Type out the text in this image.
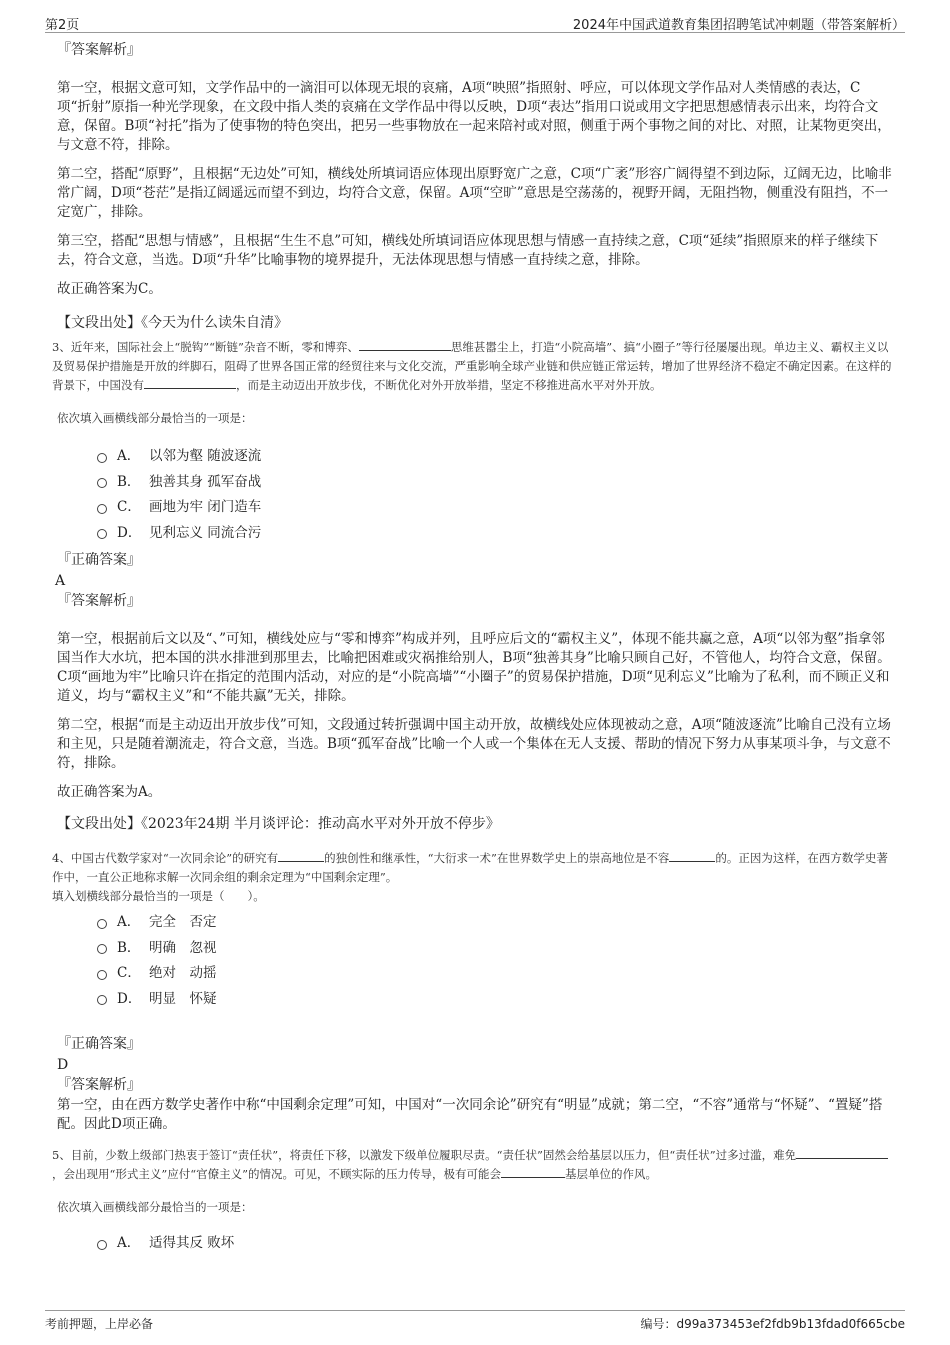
第2页	2024年中国武道教育集团招聘笔试冲刺题（带答案解析）

『答案解析』

第一空，根据文意可知，文学作品中的一滴泪可以体现无垠的哀痛，A项“映照”指照射、呼应，可以体现文学作品对人类情感的表达，C项“折射”原指一种光学现象，在文段中指人类的哀痛在文学作品中得以反映，D项“表达”指用口说或用文字把思想感情表示出来，均符合文意，保留。B项“衬托”指为了使事物的特色突出，把另一些事物放在一起来陪衬或对照，侧重于两个事物之间的对比、对照，让某物更突出，与文意不符，排除。

第二空，搭配“原野”，且根据“无边处”可知，横线处所填词语应体现出原野宽广之意，C项“广袤”形容广阔得望不到边际，辽阔无边，比喻非常广阔，D项“苍茫”是指辽阔遥远而望不到边，均符合文意，保留。A项“空旷”意思是空荡荡的，视野开阔，无阻挡物，侧重没有阻挡，不一定宽广，排除。

第三空，搭配“思想与情感”，且根据“生生不息”可知，横线处所填词语应体现思想与情感一直持续之意，C项“延续”指照原来的样子继续下去，符合文意，当选。D项“升华”比喻事物的境界提升，无法体现思想与情感一直持续之意，排除。

故正确答案为C。

【文段出处】《今天为什么读朱自清》

3、近年来，国际社会上“脱钩”“断链”杂音不断，零和博弈、	思维甚嚣尘上，打造“小院高墙”、搞“小圈子”等行径屡屡出现。单边主义、霸权主义以及贸易保护措施是开放的绊脚石，阻碍了世界各国正常的经贸往来与文化交流，严重影响全球产业链和供应链正常运转，增加了世界经济不稳定不确定因素。在这样的背景下，中国没有	，而是主动迈出开放步伐，不断优化对外开放举措，坚定不移推进高水平对外开放。

依次填入画横线部分最恰当的一项是：

A． 以邻为壑 随波逐流
B． 独善其身 孤军奋战
C． 画地为牢 闭门造车
D． 见利忘义 同流合污

『正确答案』

A

『答案解析』

第一空，根据前后文以及“、”可知，横线处应与“零和博弈”构成并列，且呼应后文的“霸权主义”，体现不能共赢之意，A项“以邻为壑”指拿邻国当作大水坑，把本国的洪水排泄到那里去，比喻把困难或灾祸推给别人，B项“独善其身”比喻只顾自己好，不管他人，均符合文意，保留。C项“画地为牢”比喻只许在指定的范围内活动，对应的是“小院高墙”“小圈子”的贸易保护措施，D项“见利忘义”比喻为了私利，而不顾正义和道义，均与“霸权主义”和“不能共赢”无关，排除。

第二空，根据“而是主动迈出开放步伐”可知，文段通过转折强调中国主动开放，故横线处应体现被动之意，A项“随波逐流”比喻自己没有立场和主见，只是随着潮流走，符合文意，当选。B项“孤军奋战”比喻一个人或一个集体在无人支援、帮助的情况下努力从事某项斗争，与文意不符，排除。

故正确答案为A。

【文段出处】《2023年24期 半月谈评论：推动高水平对外开放不停步》

4、中国古代数学家对“一次同余论”的研究有	的独创性和继承性，“大衍求一术”在世界数学史上的崇高地位是不容	的。正因为这样，在西方数学史著作中，一直公正地称求解一次同余组的剩余定理为“中国剩余定理”。

填入划横线部分最恰当的一项是（　　）。

A． 完全　否定
B． 明确　忽视
C． 绝对　动摇
D． 明显　怀疑

『正确答案』

D

『答案解析』

第一空，由在西方数学史著作中称“中国剩余定理”可知，中国对“一次同余论”研究有“明显”成就；第二空，“不容”通常与“怀疑”、“置疑”搭配。因此D项正确。

5、目前，少数上级部门热衷于签订“责任状”，将责任下移，以激发下级单位履职尽责。“责任状”固然会给基层以压力，但“责任状”过多过滥，难免，会出现用“形式主义”应付“官僚主义”的情况。可见，不顾实际的压力传导，极有可能会	基层单位的作风。

依次填入画横线部分最恰当的一项是：

A． 适得其反 败坏
考前押题，上岸必备	编号：d99a373453ef2fdb9b13fdad0f665cbe
